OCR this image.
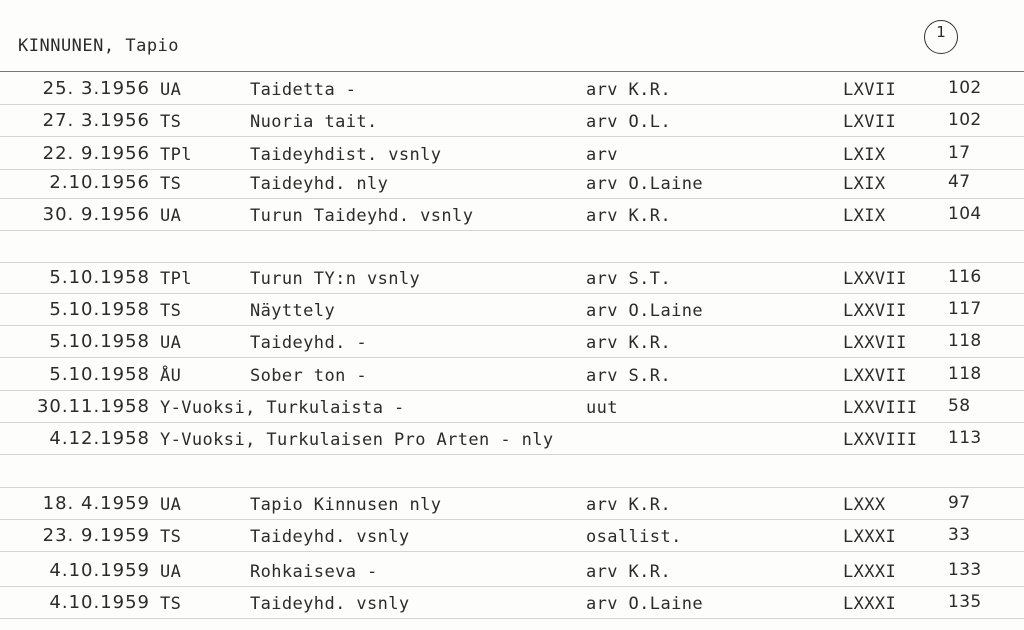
KINNUNEN, Tapio
1
25. 3.1956 UA	Taidetta -	arv K.R.	LXVII	102
27. 3.1956 TS	Nuoria tait.	arv O.L.	LXVII	102
22. 9.1956 TPl	Taideyhdist. vsnly	arv	LXIX	17
2.10.1956 TS	Taideyhd. nly	arv O.Laine	LXIX	47
30. 9.1956 UA	Turun Taideyhd. vsnly	arv K.R.	LXIX	104
5.10.1958 TPl	Turun TY:n vsnly	arv S.T.	LXXVII 116
5.10.1958 TS	Näyttely	arv O.Laine	LXXVII 117
5.10.1958 UA	Taideyhd. -	arv K.R.	LXXVII 118
5.10.1958 ÅU	Sober ton -	arv S.R.	LXXVII 118
30.11.1958 Y-Vuoksi, Turkulaista -	uut	LXXVIII 58
4.12.1958 Y-Vuoksi, Turkulaisen Pro Arten - nly	LXXVIII 113
18. 4.1959 UA	Tapio Kinnusen nly	arv K.R.	LXXX	97
23. 9.1959 TS	Taideyhd. vsnly	osallist.	LXXXI	33
4.10.1959 UA	Rohkaiseva -	arv K.R.	LXXXI	133
4.10.1959 TS	Taideyhd. vsnly	arv O.Laine	LXXXI	135
